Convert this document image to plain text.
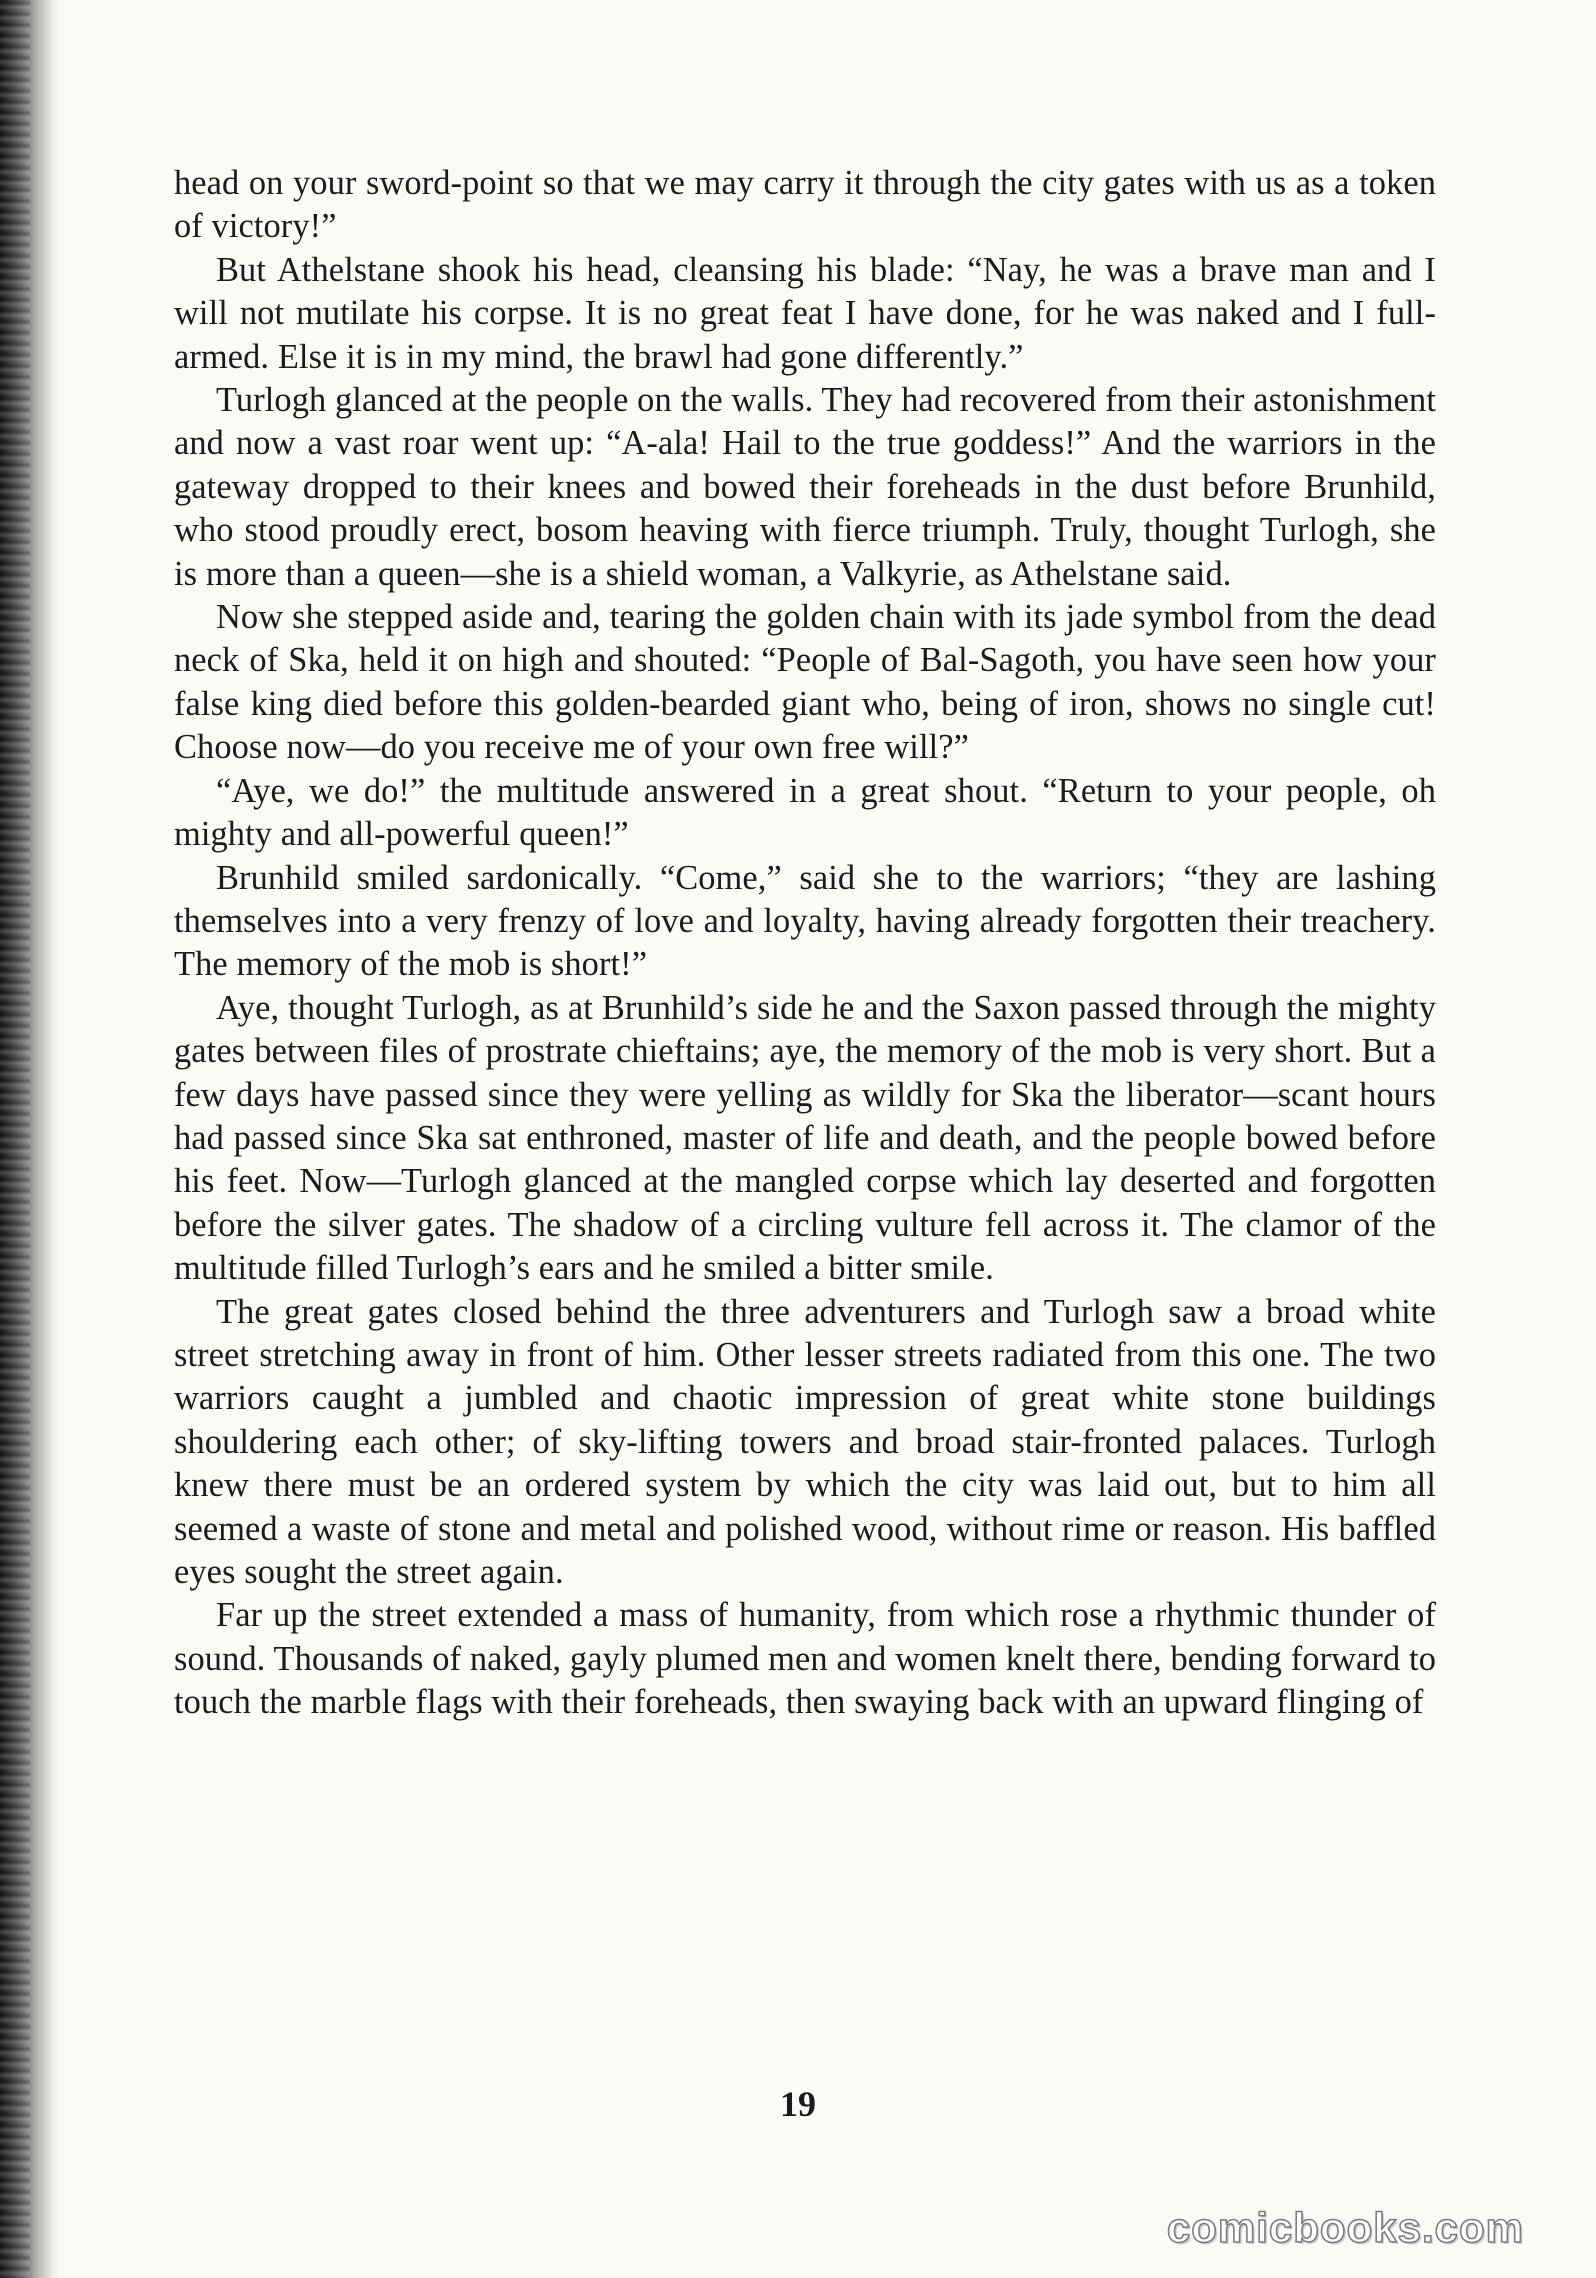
head on your sword-point so that we may carry it through the city gates with us as a token of victory!”

But Athelstane shook his head, cleansing his blade: “Nay, he was a brave man and I will not mutilate his corpse. It is no great feat I have done, for he was naked and I full-armed. Else it is in my mind, the brawl had gone differently.”

Turlogh glanced at the people on the walls. They had recovered from their astonishment and now a vast roar went up: “A-ala! Hail to the true goddess!” And the warriors in the gateway dropped to their knees and bowed their foreheads in the dust before Brunhild, who stood proudly erect, bosom heaving with fierce triumph. Truly, thought Turlogh, she is more than a queen—she is a shield woman, a Valkyrie, as Athelstane said.

Now she stepped aside and, tearing the golden chain with its jade symbol from the dead neck of Ska, held it on high and shouted: “People of Bal-Sagoth, you have seen how your false king died before this golden-bearded giant who, being of iron, shows no single cut! Choose now—do you receive me of your own free will?”

“Aye, we do!” the multitude answered in a great shout. “Return to your people, oh mighty and all-powerful queen!”

Brunhild smiled sardonically. “Come,” said she to the warriors; “they are lashing themselves into a very frenzy of love and loyalty, having already forgotten their treachery. The memory of the mob is short!”

Aye, thought Turlogh, as at Brunhild’s side he and the Saxon passed through the mighty gates between files of prostrate chieftains; aye, the memory of the mob is very short. But a few days have passed since they were yelling as wildly for Ska the liberator—scant hours had passed since Ska sat enthroned, master of life and death, and the people bowed before his feet. Now—Turlogh glanced at the mangled corpse which lay deserted and forgotten before the silver gates. The shadow of a circling vulture fell across it. The clamor of the multitude filled Turlogh’s ears and he smiled a bitter smile.

The great gates closed behind the three adventurers and Turlogh saw a broad white street stretching away in front of him. Other lesser streets radiated from this one. The two warriors caught a jumbled and chaotic impression of great white stone buildings shouldering each other; of sky-lifting towers and broad stair-fronted palaces. Turlogh knew there must be an ordered system by which the city was laid out, but to him all seemed a waste of stone and metal and polished wood, without rime or reason. His baffled eyes sought the street again.

Far up the street extended a mass of humanity, from which rose a rhythmic thunder of sound. Thousands of naked, gayly plumed men and women knelt there, bending forward to touch the marble flags with their foreheads, then swaying back with an upward flinging of

19
comicbooks.com
